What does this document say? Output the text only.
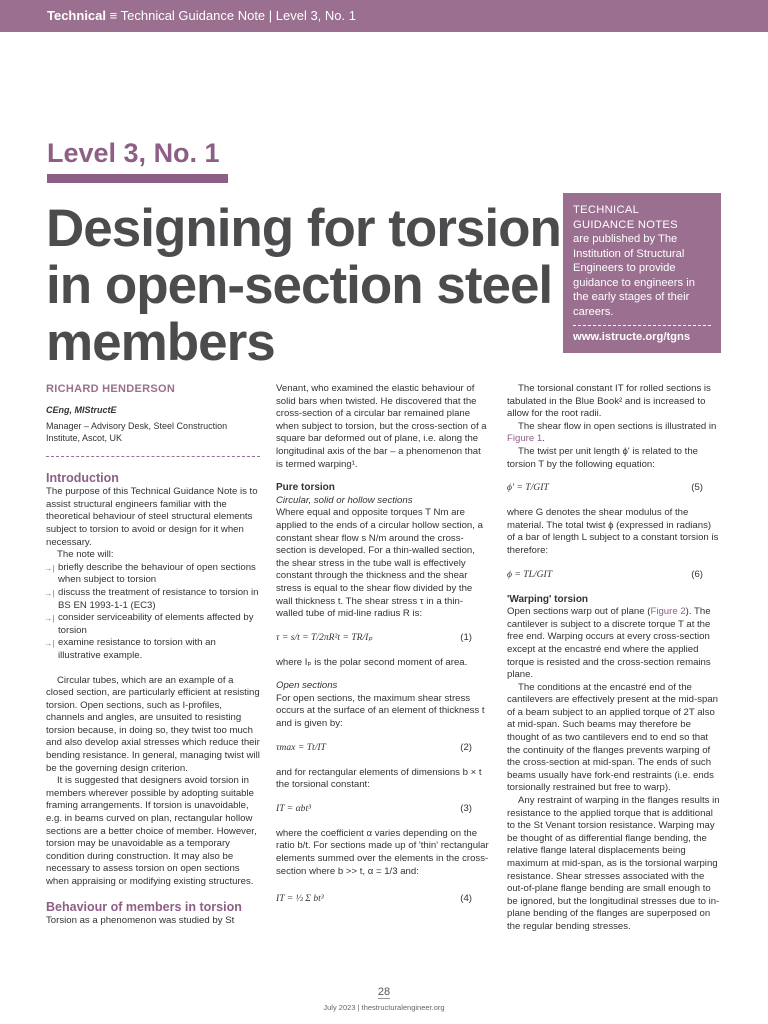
Technical ≡ Technical Guidance Note | Level 3, No. 1
Level 3, No. 1
Designing for torsion in open-section steel members
TECHNICAL
GUIDANCE NOTES
are published by The Institution of Structural Engineers to provide guidance to engineers in the early stages of their careers.
www.istructe.org/tgns
RICHARD HENDERSON
CEng, MIStructE
Manager – Advisory Desk, Steel Construction Institute, Ascot, UK
Introduction

The purpose of this Technical Guidance Note is to assist structural engineers familiar with the theoretical behaviour of steel structural elements subject to torsion to avoid or design for it when necessary.

The note will:

→| briefly describe the behaviour of open sections when subject to torsion
→| discuss the treatment of resistance to torsion in BS EN 1993-1-1 (EC3)
→| consider serviceability of elements affected by torsion
→| examine resistance to torsion with an illustrative example.

Circular tubes, which are an example of a closed section, are particularly efficient at resisting torsion. Open sections, such as I-profiles, channels and angles, are unsuited to resisting torsion because, in doing so, they twist too much and also develop axial stresses which reduce their bending resistance. In general, managing twist will be the governing design criterion.

It is suggested that designers avoid torsion in members wherever possible by adopting suitable framing arrangements. If torsion is unavoidable, e.g. in beams curved on plan, rectangular hollow sections are a better choice of member. However, torsion may be unavoidable as a temporary condition during construction. It may also be necessary to assess torsion on open sections when appraising or modifying existing structures.

Behaviour of members in torsion

Torsion as a phenomenon was studied by St

Venant, who examined the elastic behaviour of solid bars when twisted. He discovered that the cross-section of a circular bar remained plane when subject to torsion, but the cross-section of a square bar deformed out of plane, i.e. along the longitudinal axis of the bar – a phenomenon that is termed warping¹.

Pure torsion
Circular, solid or hollow sections

Where equal and opposite torques T Nm are applied to the ends of a circular hollow section, a constant shear flow s N/m around the cross-section is developed. For a thin-walled section, the shear stress in the tube wall is effectively constant through the thickness and the shear stress is equal to the shear flow divided by the wall thickness t. The shear stress τ in a thin-walled tube of mid-line radius R is:

τ = s/t = T/2πR²t = TR/Iₚ	(1)

where Iₚ is the polar second moment of area.

Open sections

For open sections, the maximum shear stress occurs at the surface of an element of thickness t and is given by:

τmax = Tt/IT	(2)

and for rectangular elements of dimensions b × t the torsional constant:

IT = αbt³	(3)

where the coefficient α varies depending on the ratio b/t. For sections made up of 'thin' rectangular elements summed over the elements in the cross-section where b >> t, α = 1/3 and:

IT = ⅓ Σ bt³	(4)

The torsional constant IT for rolled sections is tabulated in the Blue Book² and is increased to allow for the root radii.

The shear flow in open sections is illustrated in Figure 1.

The twist per unit length ϕ' is related to the torsion T by the following equation:

ϕ' = T/GIT	(5)

where G denotes the shear modulus of the material. The total twist ϕ (expressed in radians) of a bar of length L subject to a constant torsion is therefore:

ϕ = TL/GIT	(6)
'Warping' torsion

Open sections warp out of plane (Figure 2). The cantilever is subject to a discrete torque T at the free end. Warping occurs at every cross-section except at the encastré end where the applied torque is resisted and the cross-section remains plane.

The conditions at the encastré end of the cantilevers are effectively present at the mid-span of a beam subject to an applied torque of 2T also at mid-span. Such beams may therefore be thought of as two cantilevers end to end so that the continuity of the flanges prevents warping of the cross-section at mid-span. The ends of such beams usually have fork-end restraints (i.e. ends torsionally restrained but free to warp).

Any restraint of warping in the flanges results in resistance to the applied torque that is additional to the St Venant torsion resistance. Warping may be thought of as differential flange bending, the relative flange lateral displacements being maximum at mid-span, as is the torsional warping resistance. Shear stresses associated with the out-of-plane flange bending are small enough to be ignored, but the longitudinal stresses due to in-plane bending of the flanges are superposed on the regular bending stresses.

28
July 2023 | thestructuralengineer.org
